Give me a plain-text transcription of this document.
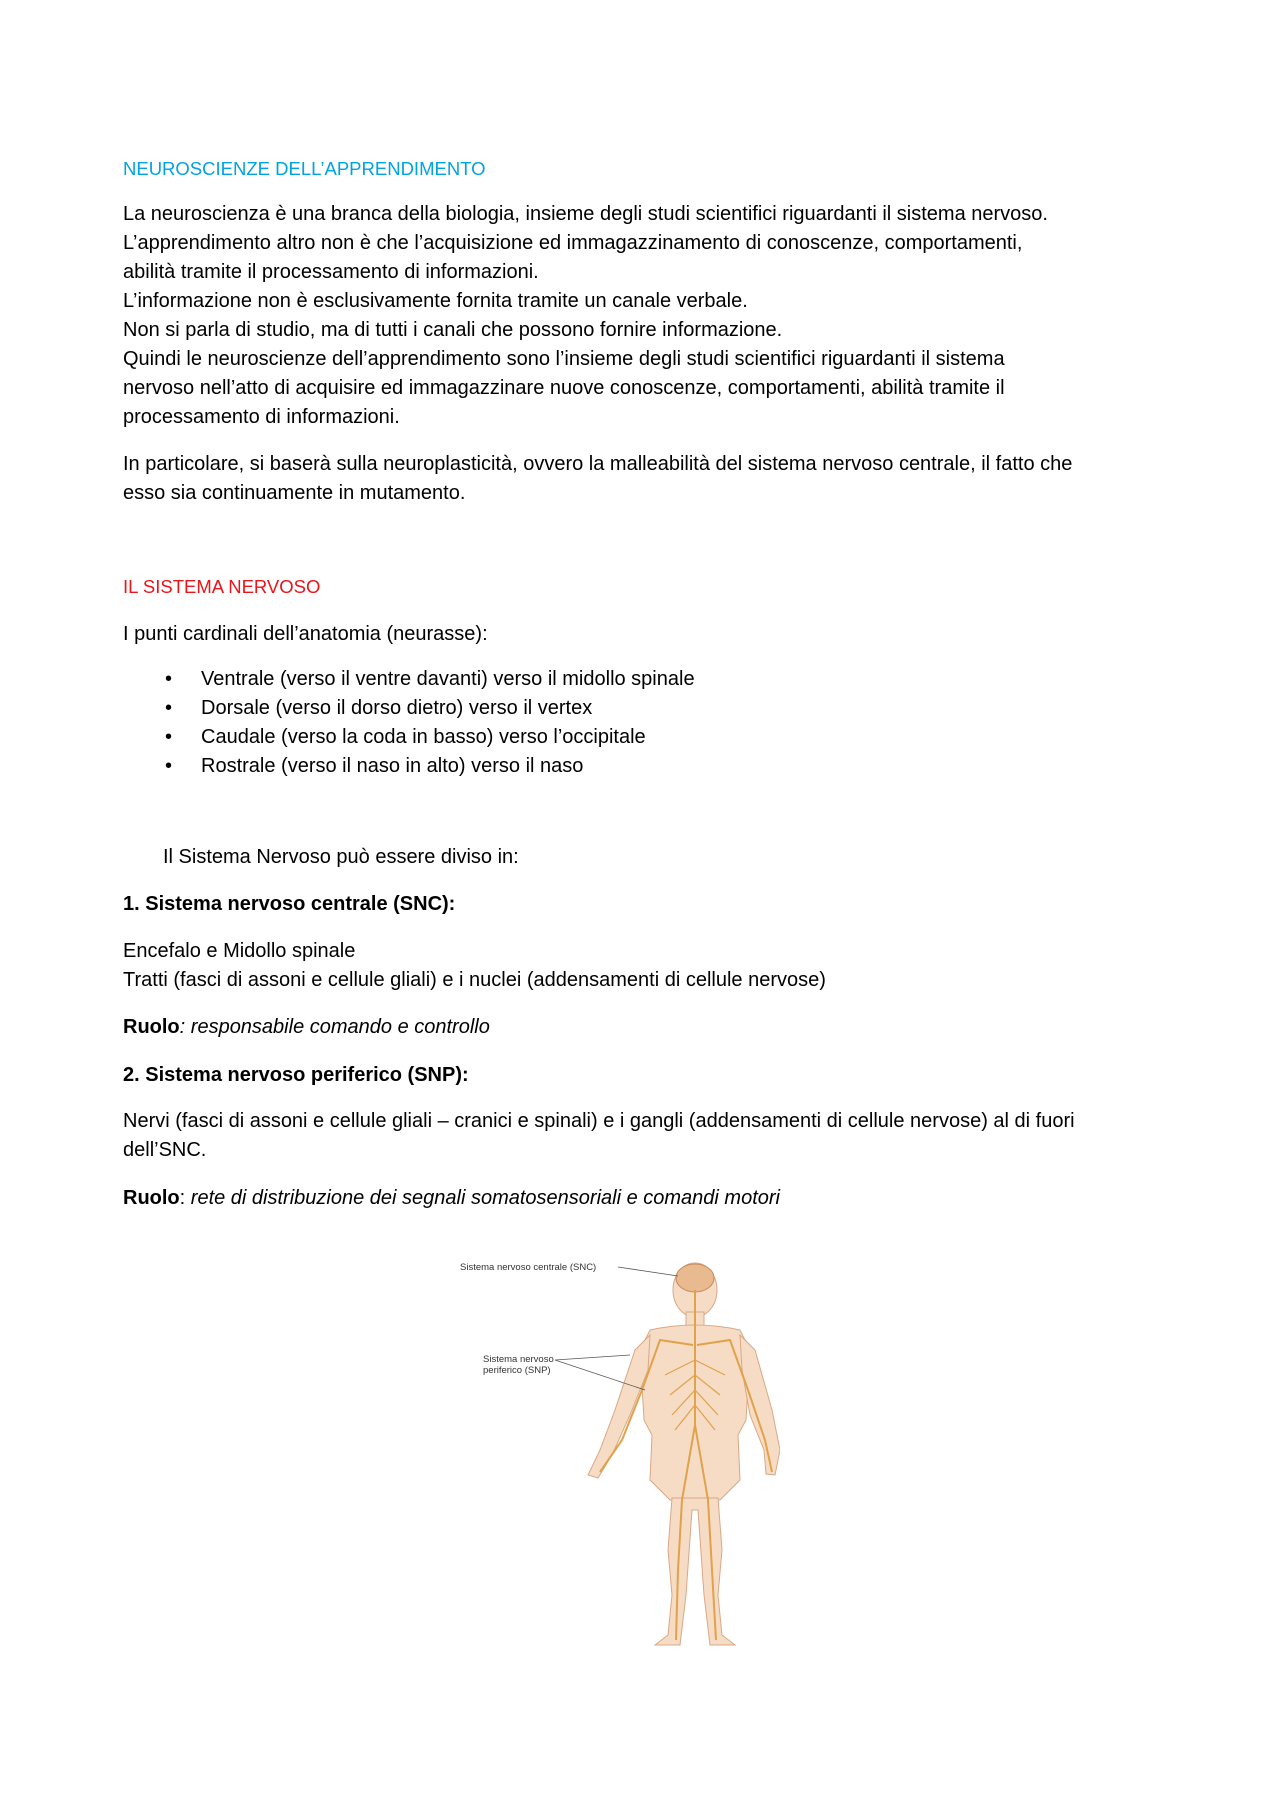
NEUROSCIENZE DELL’APPRENDIMENTO

La neuroscienza è una branca della biologia, insieme degli studi scientifici riguardanti il sistema nervoso.

L’apprendimento altro non è che l’acquisizione ed immagazzinamento di conoscenze, comportamenti,

abilità tramite il processamento di informazioni.

L’informazione non è esclusivamente fornita tramite un canale verbale.

Non si parla di studio, ma di tutti i canali che possono fornire informazione.

Quindi le neuroscienze dell’apprendimento sono l’insieme degli studi scientifici riguardanti il sistema

nervoso nell’atto di acquisire ed immagazzinare nuove conoscenze, comportamenti, abilità tramite il

processamento di informazioni.

In particolare, si baserà sulla neuroplasticità, ovvero la malleabilità del sistema nervoso centrale, il fatto che

esso sia continuamente in mutamento.

IL SISTEMA NERVOSO

I punti cardinali dell’anatomia (neurasse):

• Ventrale (verso il ventre davanti) verso il midollo spinale
• Dorsale (verso il dorso dietro) verso il vertex
• Caudale (verso la coda in basso) verso l’occipitale
• Rostrale (verso il naso in alto) verso il naso

Il Sistema Nervoso può essere diviso in:

1. Sistema nervoso centrale (SNC):

Encefalo e Midollo spinale

Tratti (fasci di assoni e cellule gliali) e i nuclei (addensamenti di cellule nervose)

Ruolo: responsabile comando e controllo

2. Sistema nervoso periferico (SNP):

Nervi (fasci di assoni e cellule gliali – cranici e spinali) e i gangli (addensamenti di cellule nervose) al di fuori

dell’SNC.

Ruolo: rete di distribuzione dei segnali somatosensoriali e comandi motori

Sistema nervoso centrale (SNC)
Sistema nervoso
periferico (SNP)
